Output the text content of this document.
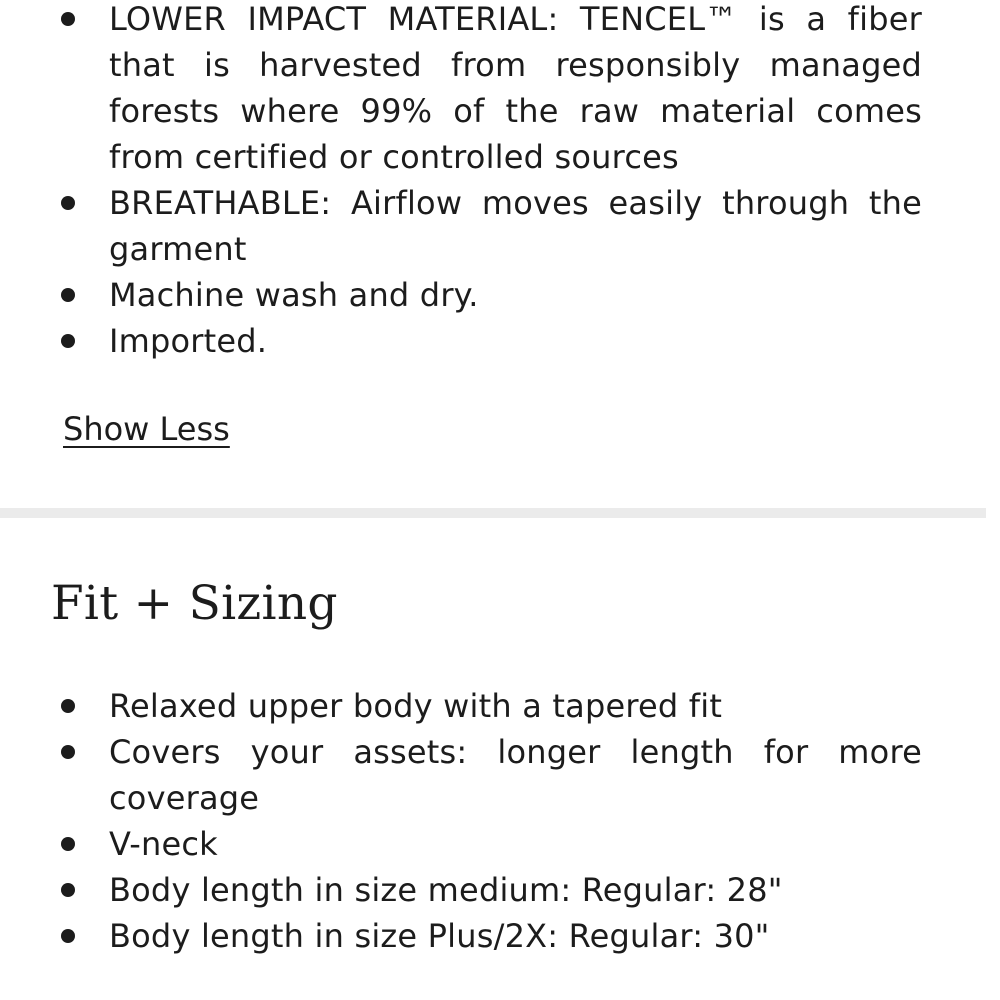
LOWER IMPACT MATERIAL: TENCEL™ is a fiber that is harvested from responsibly managed forests where 99% of the raw material comes from certified or controlled sources
BREATHABLE: Airflow moves easily through the garment
Machine wash and dry.
Imported.
Show Less
Fit + Sizing
Relaxed upper body with a tapered fit
Covers your assets: longer length for more coverage
V-neck
Body length in size medium: Regular: 28"
Body length in size Plus/2X: Regular: 30"
